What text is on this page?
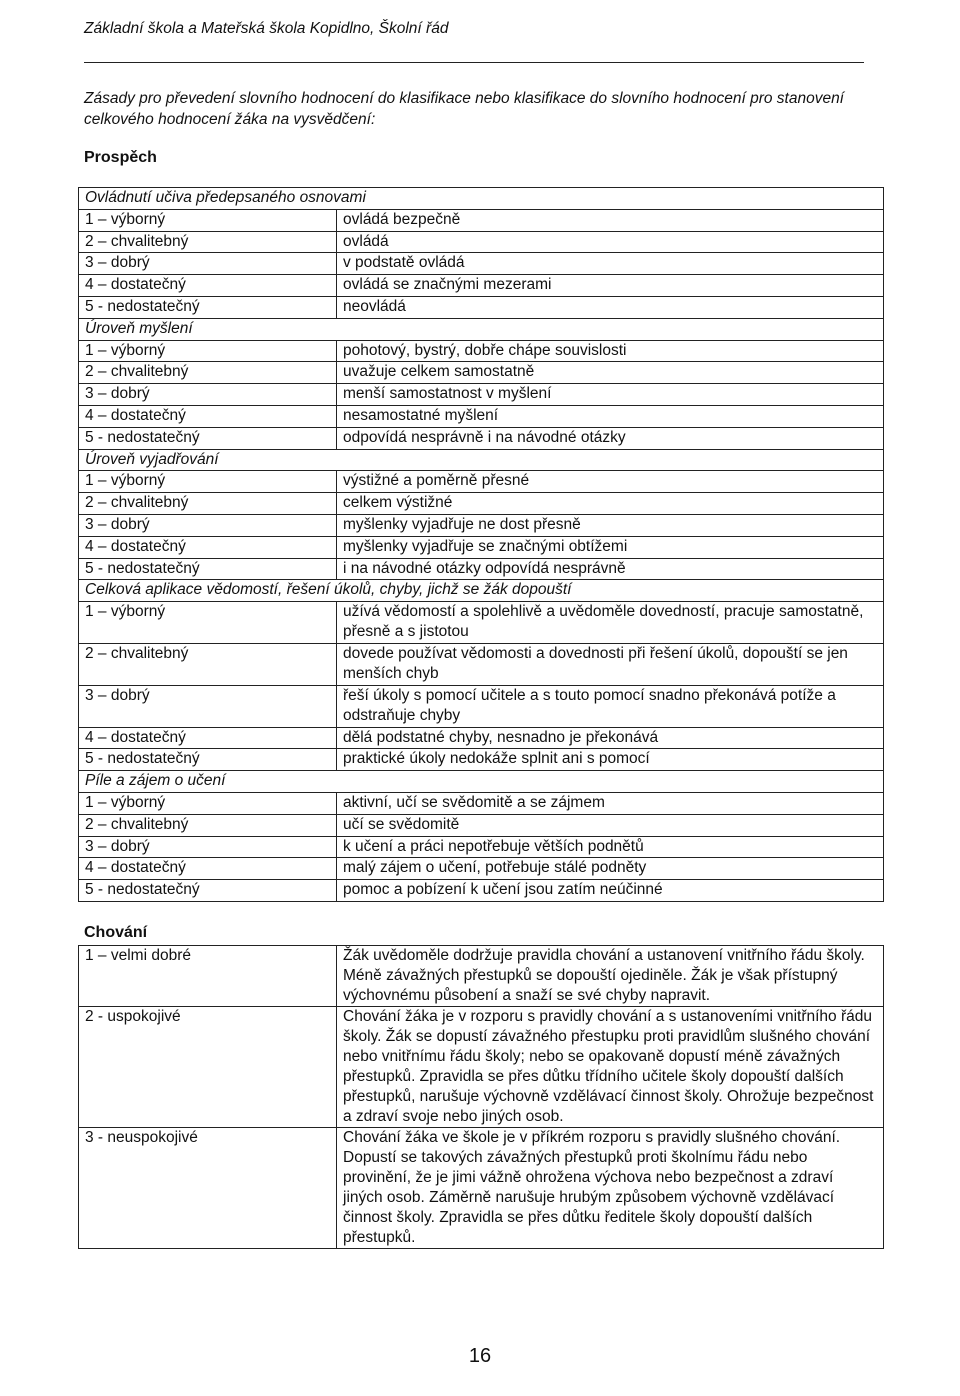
Základní škola a Mateřská škola Kopidlno, Školní řád
Zásady pro převedení slovního hodnocení do klasifikace nebo klasifikace do slovního hodnocení pro stanovení celkového hodnocení žáka na vysvědčení:
Prospěch
Ovládnutí učiva předepsaného osnovami	
1 – výborný	ovládá bezpečně
2 – chvalitebný	ovládá
3 – dobrý	v podstatě ovládá
4 – dostatečný	ovládá se značnými mezerami
5 - nedostatečný	neovládá
Úroveň myšlení	
1 – výborný	pohotový, bystrý, dobře chápe souvislosti
2 – chvalitebný	uvažuje celkem samostatně
3 – dobrý	menší samostatnost v myšlení
4 – dostatečný	nesamostatné myšlení
5 - nedostatečný	odpovídá nesprávně i na návodné otázky
Úroveň vyjadřování	
1 – výborný	výstižné a poměrně přesné
2 – chvalitebný	celkem výstižné
3 – dobrý	myšlenky vyjadřuje ne dost přesně
4 – dostatečný	myšlenky vyjadřuje se značnými obtížemi
5 - nedostatečný	i na návodné otázky odpovídá nesprávně
Celková aplikace vědomostí, řešení úkolů, chyby, jichž se žák dopouští	
1 – výborný	užívá vědomostí a spolehlivě a uvědoměle dovedností, pracuje samostatně, přesně a s jistotou
2 – chvalitebný	dovede používat vědomosti a dovednosti při řešení úkolů, dopouští se jen menších chyb
3 – dobrý	řeší úkoly s pomocí učitele a s touto pomocí snadno překonává potíže a odstraňuje chyby
4 – dostatečný	dělá podstatné chyby, nesnadno je překonává
5 - nedostatečný	praktické úkoly nedokáže splnit ani s pomocí
Píle a zájem o učení	
1 – výborný	aktivní, učí se svědomitě a se zájmem
2 – chvalitebný	učí se svědomitě
3 – dobrý	k učení a práci nepotřebuje větších podnětů
4 – dostatečný	malý zájem o učení, potřebuje stálé podněty
5 - nedostatečný	pomoc a pobízení k učení jsou zatím neúčinné
Chování
1 – velmi dobré	Žák uvědoměle dodržuje pravidla chování a ustanovení vnitřního řádu školy. Méně závažných přestupků se dopouští ojediněle. Žák je však přístupný výchovnému působení a snaží se své chyby napravit.
2 - uspokojivé	Chování žáka je v rozporu s pravidly chování a s ustanoveními vnitřního řádu školy. Žák se dopustí závažného přestupku proti pravidlům slušného chování nebo vnitřnímu řádu školy; nebo se opakovaně dopustí méně závažných přestupků. Zpravidla se přes důtku třídního učitele školy dopouští dalších přestupků, narušuje výchovně vzdělávací činnost školy. Ohrožuje bezpečnost a zdraví svoje nebo jiných osob.
3 - neuspokojivé	Chování žáka ve škole je v příkrém rozporu s pravidly slušného chování. Dopustí se takových závažných přestupků proti školnímu řádu nebo provinění, že je jimi vážně ohrožena výchova nebo bezpečnost a zdraví jiných osob. Záměrně narušuje hrubým způsobem výchovně vzdělávací činnost školy. Zpravidla se přes důtku ředitele školy dopouští dalších přestupků.
16
